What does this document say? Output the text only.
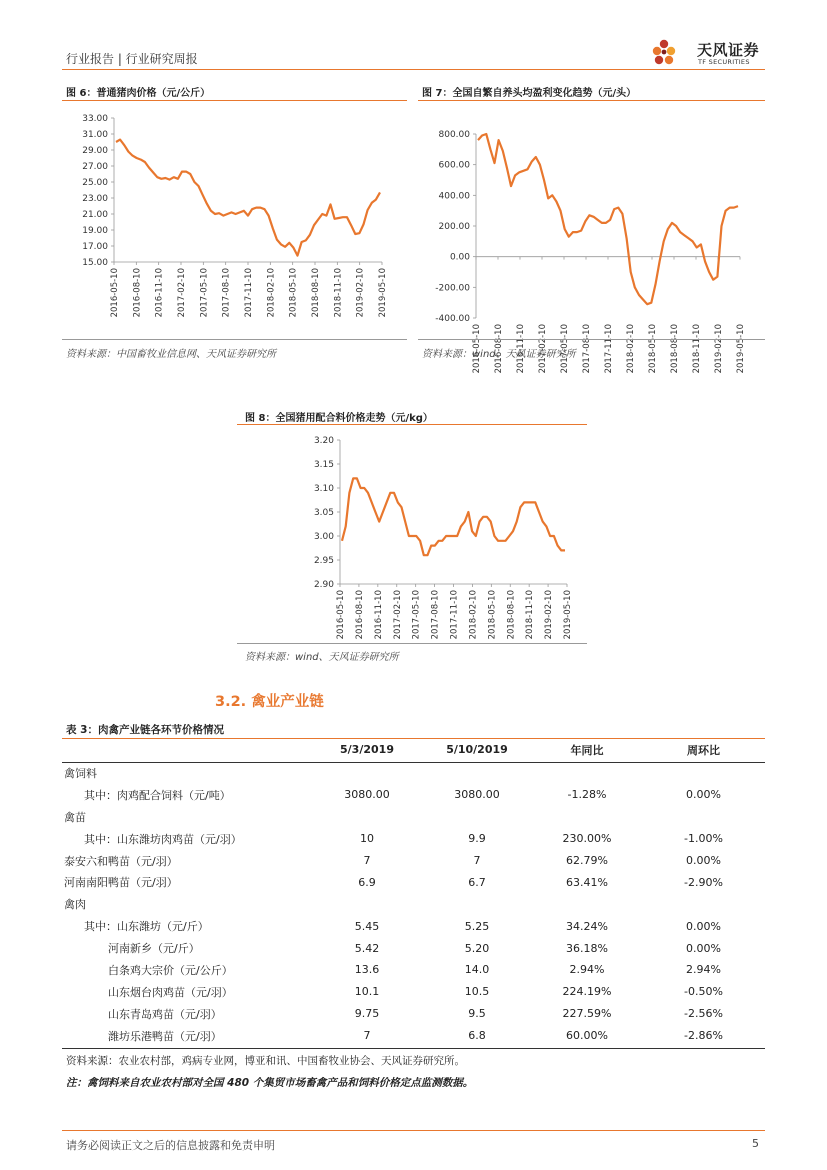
行业报告 | 行业研究周报	天风证券
TF SECURITIES
图 6：普通猪肉价格（元/公斤）
33.00
31.00
29.00
27.00
25.00
23.00
21.00
19.00
17.00
15.00
2016-05-10 2016-08-10 2016-11-10 2017-02-10 2017-05-10 2017-08-10 2017-11-10 2018-02-10 2018-05-10 2018-08-10 2018-11-10 2019-02-10 2019-05-10
资料来源：中国畜牧业信息网、天风证券研究所
图 7：全国自繁自养头均盈利变化趋势（元/头）
800.00
600.00
400.00
200.00
0.00
-200.00
-400.00
2016-05-10 2016-08-10 2016-11-10 2017-02-10 2017-05-10 2017-08-10 2017-11-10 2018-02-10 2018-05-10 2018-08-10 2018-11-10 2019-02-10 2019-05-10
资料来源：wind、天风证券研究所
图 8：全国猪用配合料价格走势（元/kg）
3.20
3.15
3.10
3.05
3.00
2.95
2.90
2016-05-10 2016-08-10 2016-11-10 2017-02-10 2017-05-10 2017-08-10 2017-11-10 2018-02-10 2018-05-10 2018-08-10 2018-11-10 2019-02-10 2019-05-10
资料来源：wind、天风证券研究所
3.2. 禽业产业链
表 3：肉禽产业链各环节价格情况
	5/3/2019	5/10/2019	年同比	周环比
禽饲料				
其中：肉鸡配合饲料（元/吨）	3080.00	3080.00	-1.28%	0.00%
禽苗				
其中：山东潍坊肉鸡苗（元/羽）	10	9.9	230.00%	-1.00%
泰安六和鸭苗（元/羽）	7	7	62.79%	0.00%
河南南阳鸭苗（元/羽）	6.9	6.7	63.41%	-2.90%
禽肉				
其中：山东潍坊（元/斤）	5.45	5.25	34.24%	0.00%
河南新乡（元/斤）	5.42	5.20	36.18%	0.00%
白条鸡大宗价（元/公斤）	13.6	14.0	2.94%	2.94%
山东烟台肉鸡苗（元/羽）	10.1	10.5	224.19%	-0.50%
山东青岛鸡苗（元/羽）	9.75	9.5	227.59%	-2.56%
潍坊乐港鸭苗（元/羽）	7	6.8	60.00%	-2.86%
资料来源：农业农村部，鸡病专业网，博亚和讯、中国畜牧业协会、天风证券研究所。
注：禽饲料来自农业农村部对全国 480 个集贸市场畜禽产品和饲料价格定点监测数据。
请务必阅读正文之后的信息披露和免责申明	5
